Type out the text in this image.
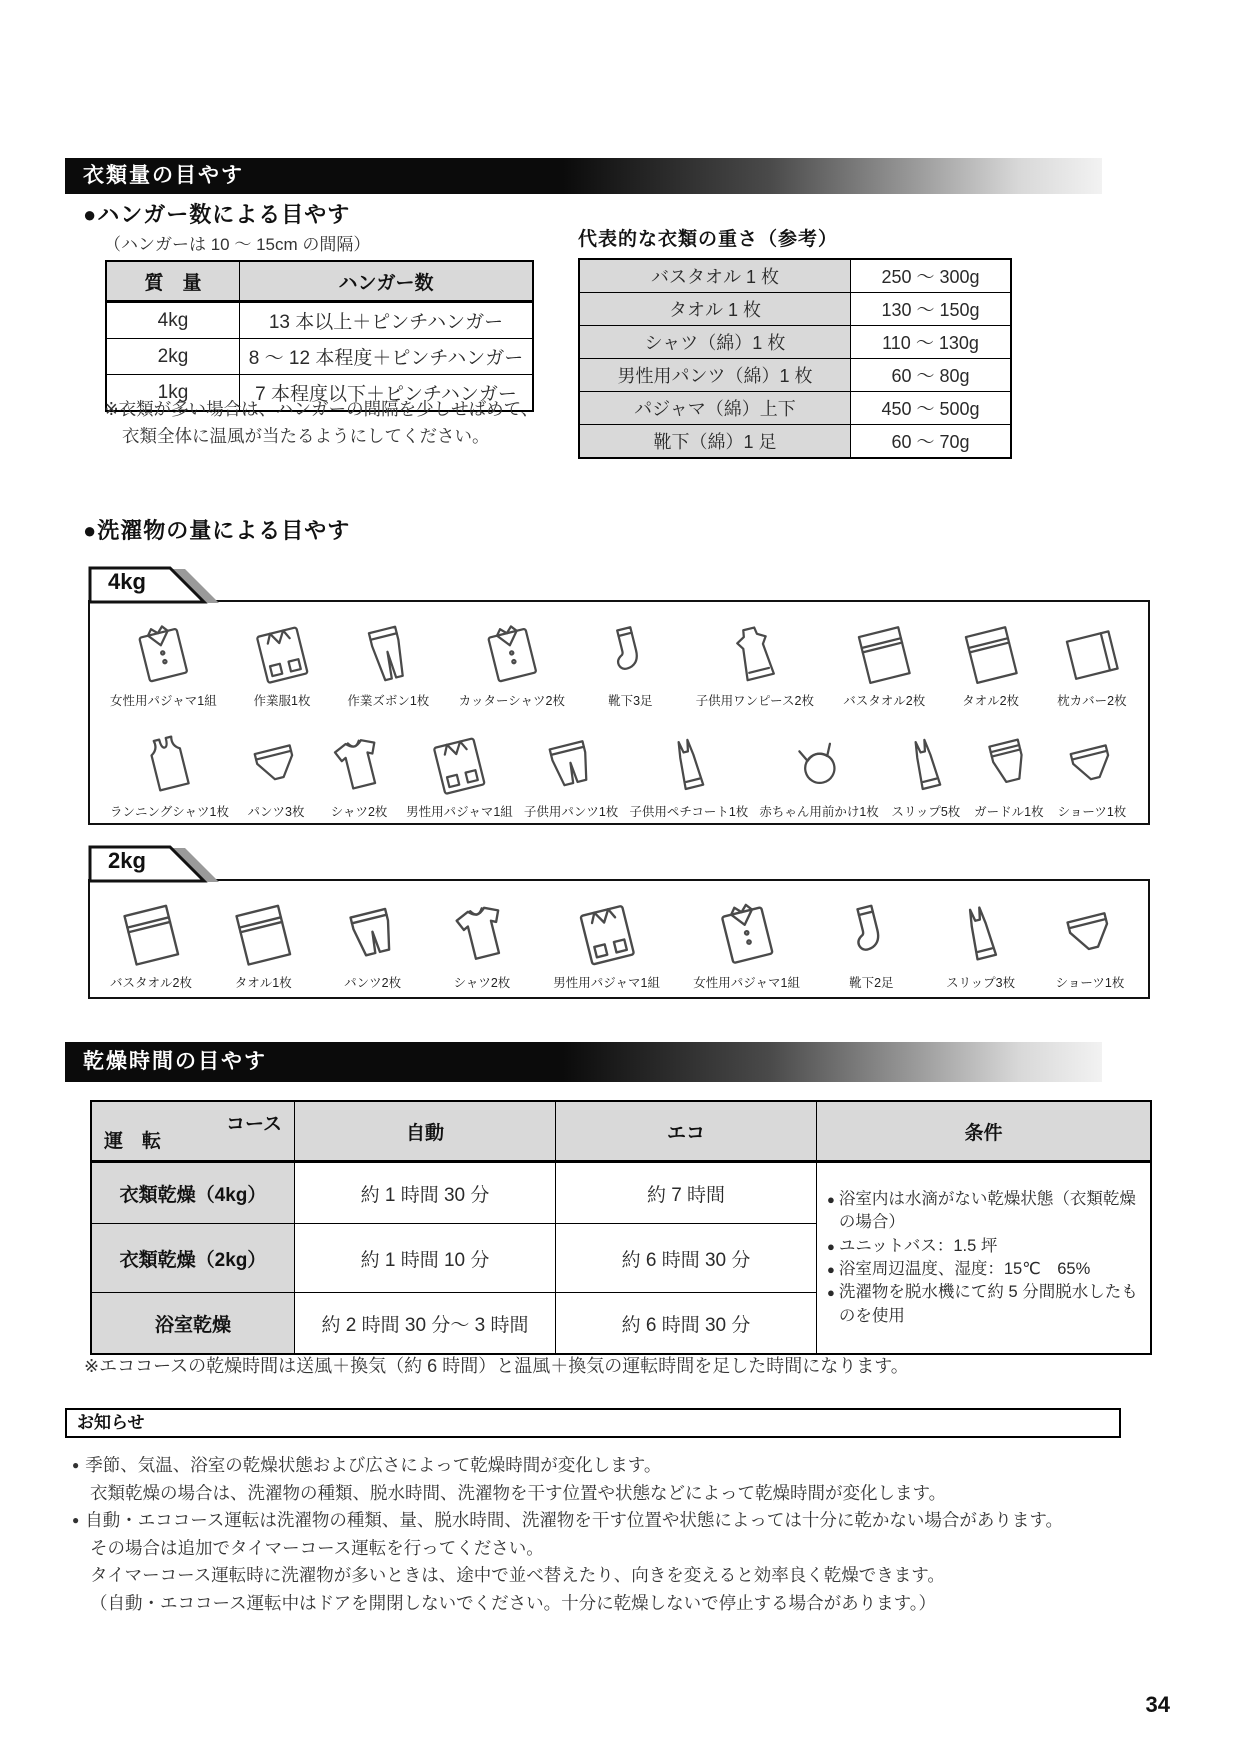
衣類量の目やす
●ハンガー数による目やす
（ハンガーは 10 〜 15cm の間隔）	代表的な衣類の重さ（参考）
質　量	ハンガー数
4kg	13 本以上＋ピンチハンガー
2kg	8 〜 12 本程度＋ピンチハンガー
1kg	7 本程度以下＋ピンチハンガー
バスタオル 1 枚	250 〜 300g
タオル 1 枚	130 〜 150g
シャツ（綿）1 枚	110 〜 130g
男性用パンツ（綿）1 枚	60 〜 80g
パジャマ（綿）上下	450 〜 500g
靴下（綿）1 足	60 〜 70g
※衣類が多い場合は、ハンガーの間隔を少しせばめて、
衣類全体に温風が当たるようにしてください。
●洗濯物の量による目やす
4kg
女性用パジャマ1組	作業服1枚	作業ズボン1枚 カッターシャツ2枚	靴下3足	子供用ワンピース2枚 バスタオル2枚	タオル2枚	枕カバー2枚
ランニングシャツ1枚 パンツ3枚 シャツ2枚 男性用パジャマ1組 子供用パンツ1枚 子供用ペチコート1枚 赤ちゃん用前かけ1枚 スリップ5枚 ガードル1枚 ショーツ1枚
2kg
バスタオル2枚	タオル1枚	パンツ2枚	シャツ2枚	男性用パジャマ1組	女性用パジャマ1組	靴下2足	スリップ3枚	ショーツ1枚
乾燥時間の目やす
コース
運　転	自動	エコ	条件
衣類乾燥（4kg）	約 1 時間 30 分	約 7 時間	● 浴室内は水滴がない乾燥状態（衣類乾燥の場合）
● ユニットバス：1.5 坪
● 浴室周辺温度、湿度：15℃　65%
● 洗濯物を脱水機にて約 5 分間脱水したものを使用

衣類乾燥（2kg）	約 1 時間 10 分	約 6 時間 30 分	
浴室乾燥	約 2 時間 30 分〜 3 時間	約 6 時間 30 分	
※エココースの乾燥時間は送風＋換気（約 6 時間）と温風＋換気の運転時間を足した時間になります。
お知らせ
● 季節、気温、浴室の乾燥状態および広さによって乾燥時間が変化します。
衣類乾燥の場合は、洗濯物の種類、脱水時間、洗濯物を干す位置や状態などによって乾燥時間が変化します。
● 自動・エココース運転は洗濯物の種類、量、脱水時間、洗濯物を干す位置や状態によっては十分に乾かない場合があります。
その場合は追加でタイマーコース運転を行ってください。
タイマーコース運転時に洗濯物が多いときは、途中で並べ替えたり、向きを変えると効率良く乾燥できます。
（自動・エココース運転中はドアを開閉しないでください。十分に乾燥しないで停止する場合があります。）
34
